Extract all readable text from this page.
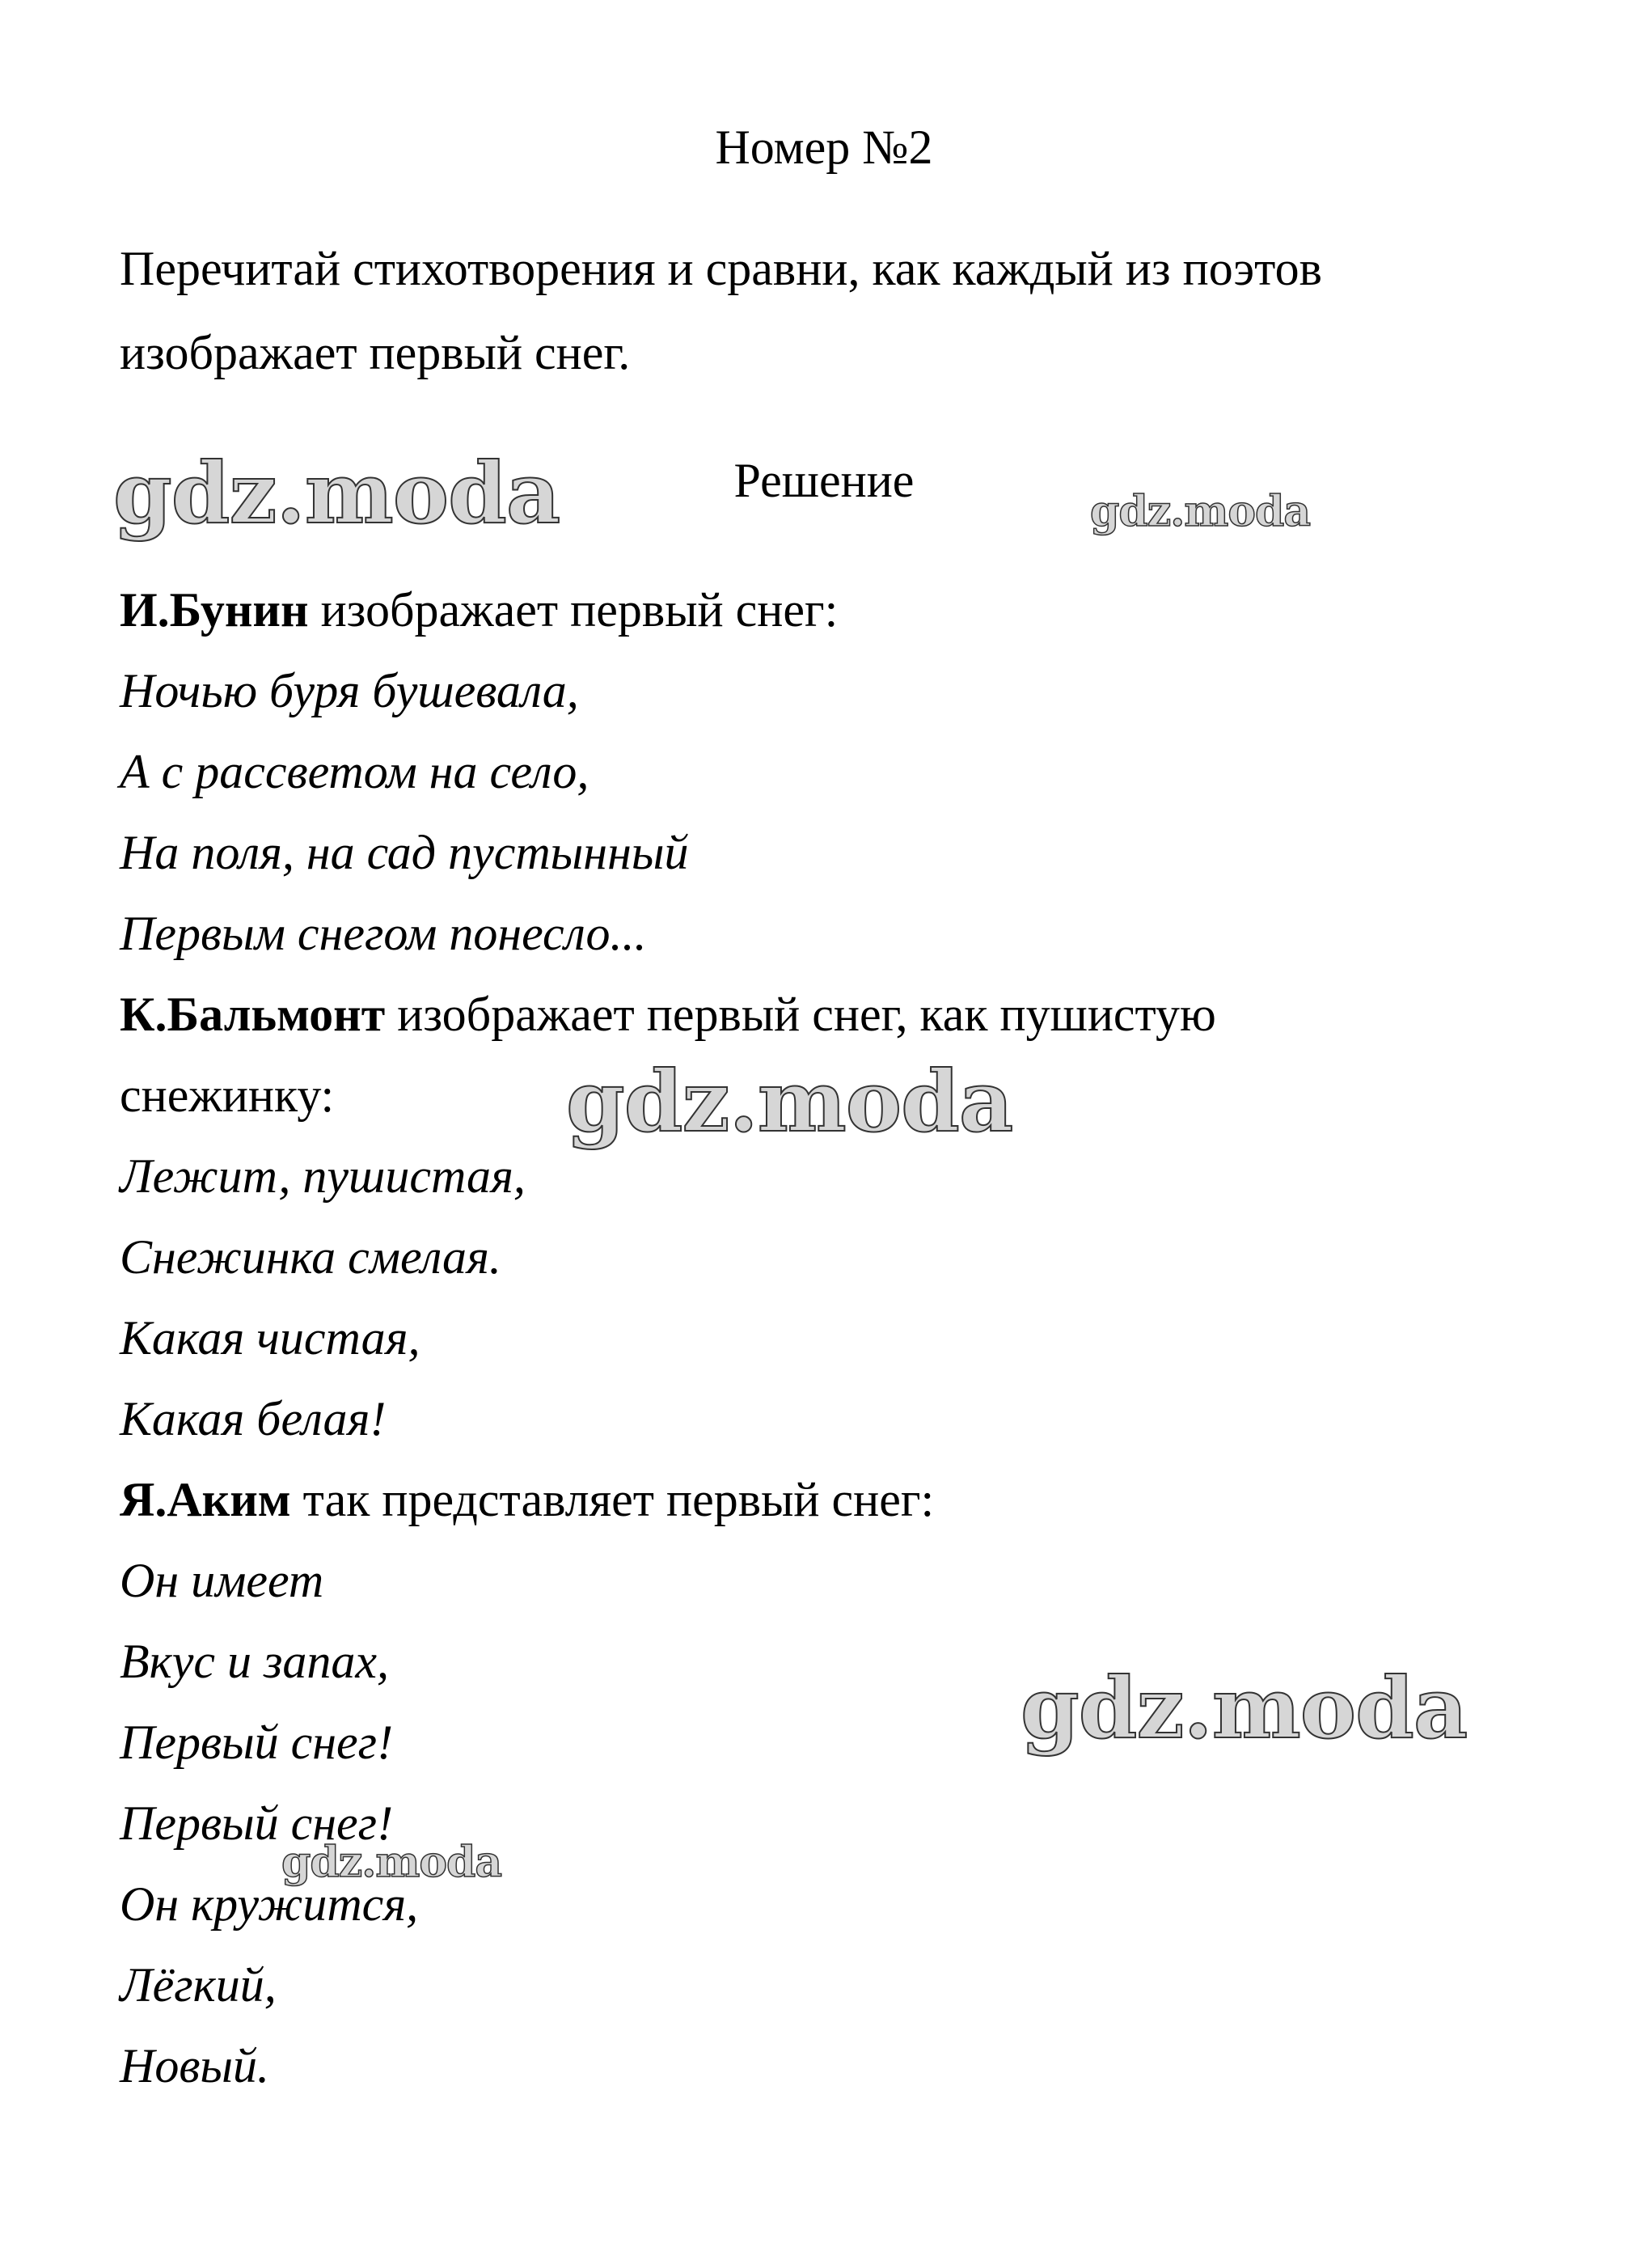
Номер №2

Перечитай стихотворения и сравни, как каждый из поэтов

изображает первый снег.

Решение

И.Бунин изображает первый снег:

Ночью буря бушевала,

А с рассветом на село,

На поля, на сад пустынный

Первым снегом понесло...

К.Бальмонт изображает первый снег, как пушистую

снежинку:

Лежит, пушистая,

Снежинка смелая.

Какая чистая,

Какая белая!

Я.Аким так представляет первый снег:

Он имеет

Вкус и запах,

Первый снег!

Первый снег!

Он кружится,

Лёгкий,

Новый.

gdz.moda	gdz.moda
gdz.moda
gdz.moda
gdz.moda
